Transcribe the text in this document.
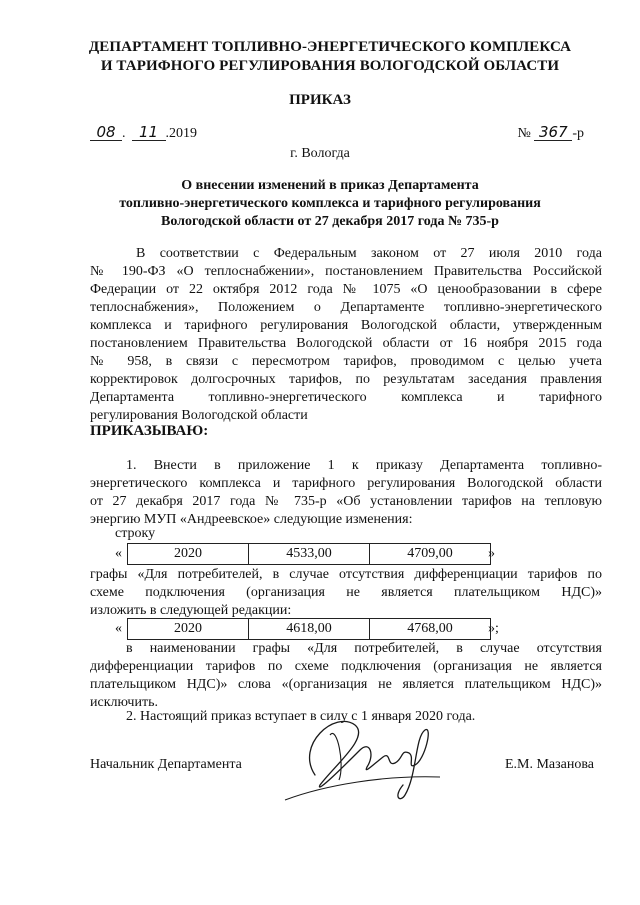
ДЕПАРТАМЕНТ ТОПЛИВНО-ЭНЕРГЕТИЧЕСКОГО КОМПЛЕКСА
И ТАРИФНОГО РЕГУЛИРОВАНИЯ ВОЛОГОДСКОЙ ОБЛАСТИ
ПРИКАЗ
08 . 11 .2019	№ 367 -р
г. Вологда
О внесении изменений в приказ Департамента
топливно-энергетического комплекса и тарифного регулирования
Вологодской области от 27 декабря 2017 года № 735-р
В соответствии с Федеральным законом от 27 июля 2010 года
№ 190-ФЗ «О теплоснабжении», постановлением Правительства Российской
Федерации от 22 октября 2012 года № 1075 «О ценообразовании в сфере
теплоснабжения», Положением о Департаменте топливно-энергетического
комплекса и тарифного регулирования Вологодской области, утвержденным
постановлением Правительства Вологодской области от 16 ноября 2015 года
№ 958, в связи с пересмотром тарифов, проводимом с целью учета
корректировок долгосрочных тарифов, по результатам заседания правления
Департамента топливно-энергетического комплекса и тарифного
регулирования Вологодской области
ПРИКАЗЫВАЮ:
1. Внести в приложение 1 к приказу Департамента топливно-
энергетического комплекса и тарифного регулирования Вологодской области
от 27 декабря 2017 года № 735-р «Об установлении тарифов на тепловую
энергию МУП «Андреевское» следующие изменения:
строку
«	2020	4533,00	4709,00	»
графы «Для потребителей, в случае отсутствия дифференциации тарифов по
схеме подключения (организация не является плательщиком НДС)»
изложить в следующей редакции:
«	2020	4618,00	4768,00	»;
в наименовании графы «Для потребителей, в случае отсутствия
дифференциации тарифов по схеме подключения (организация не является
плательщиком НДС)» слова «(организация не является плательщиком НДС)»
исключить.
2. Настоящий приказ вступает в силу с 1 января 2020 года.
Начальник Департамента	Е.М. Мазанова
